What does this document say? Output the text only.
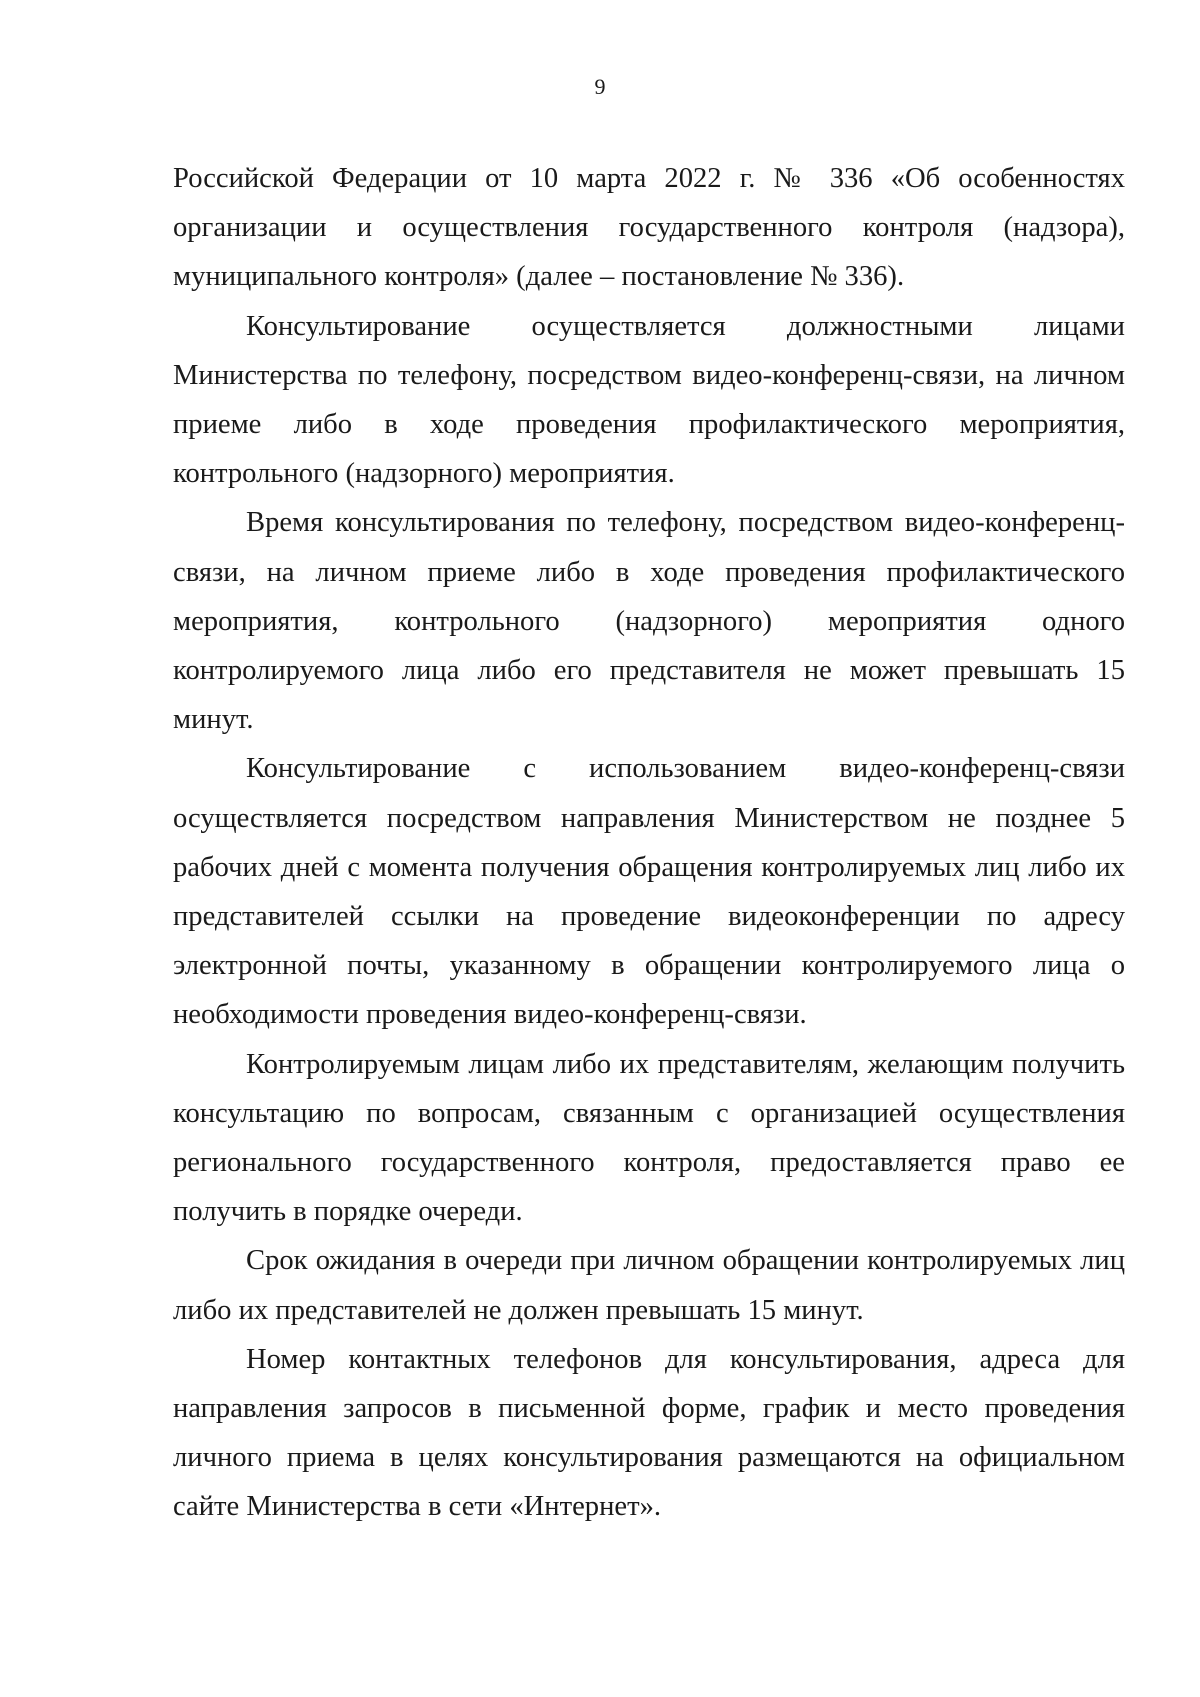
9

Российской Федерации от 10 марта 2022 г. № 336 «Об особенностях организации и осуществления государственного контроля (надзора), муниципального контроля» (далее – постановление № 336).

Консультирование осуществляется должностными лицами Министерства по телефону, посредством видео-конференц-связи, на личном приеме либо в ходе проведения профилактического мероприятия, контрольного (надзорного) мероприятия.

Время консультирования по телефону, посредством видео-конференц-связи, на личном приеме либо в ходе проведения профилактического мероприятия, контрольного (надзорного) мероприятия одного контролируемого лица либо его представителя не может превышать 15 минут.

Консультирование с использованием видео-конференц-связи осуществляется посредством направления Министерством не позднее 5 рабочих дней с момента получения обращения контролируемых лиц либо их представителей ссылки на проведение видеоконференции по адресу электронной почты, указанному в обращении контролируемого лица о необходимости проведения видео-конференц-связи.

Контролируемым лицам либо их представителям, желающим получить консультацию по вопросам, связанным с организацией осуществления регионального государственного контроля, предоставляется право ее получить в порядке очереди.

Срок ожидания в очереди при личном обращении контролируемых лиц либо их представителей не должен превышать 15 минут.

Номер контактных телефонов для консультирования, адреса для направления запросов в письменной форме, график и место проведения личного приема в целях консультирования размещаются на официальном сайте Министерства в сети «Интернет».
